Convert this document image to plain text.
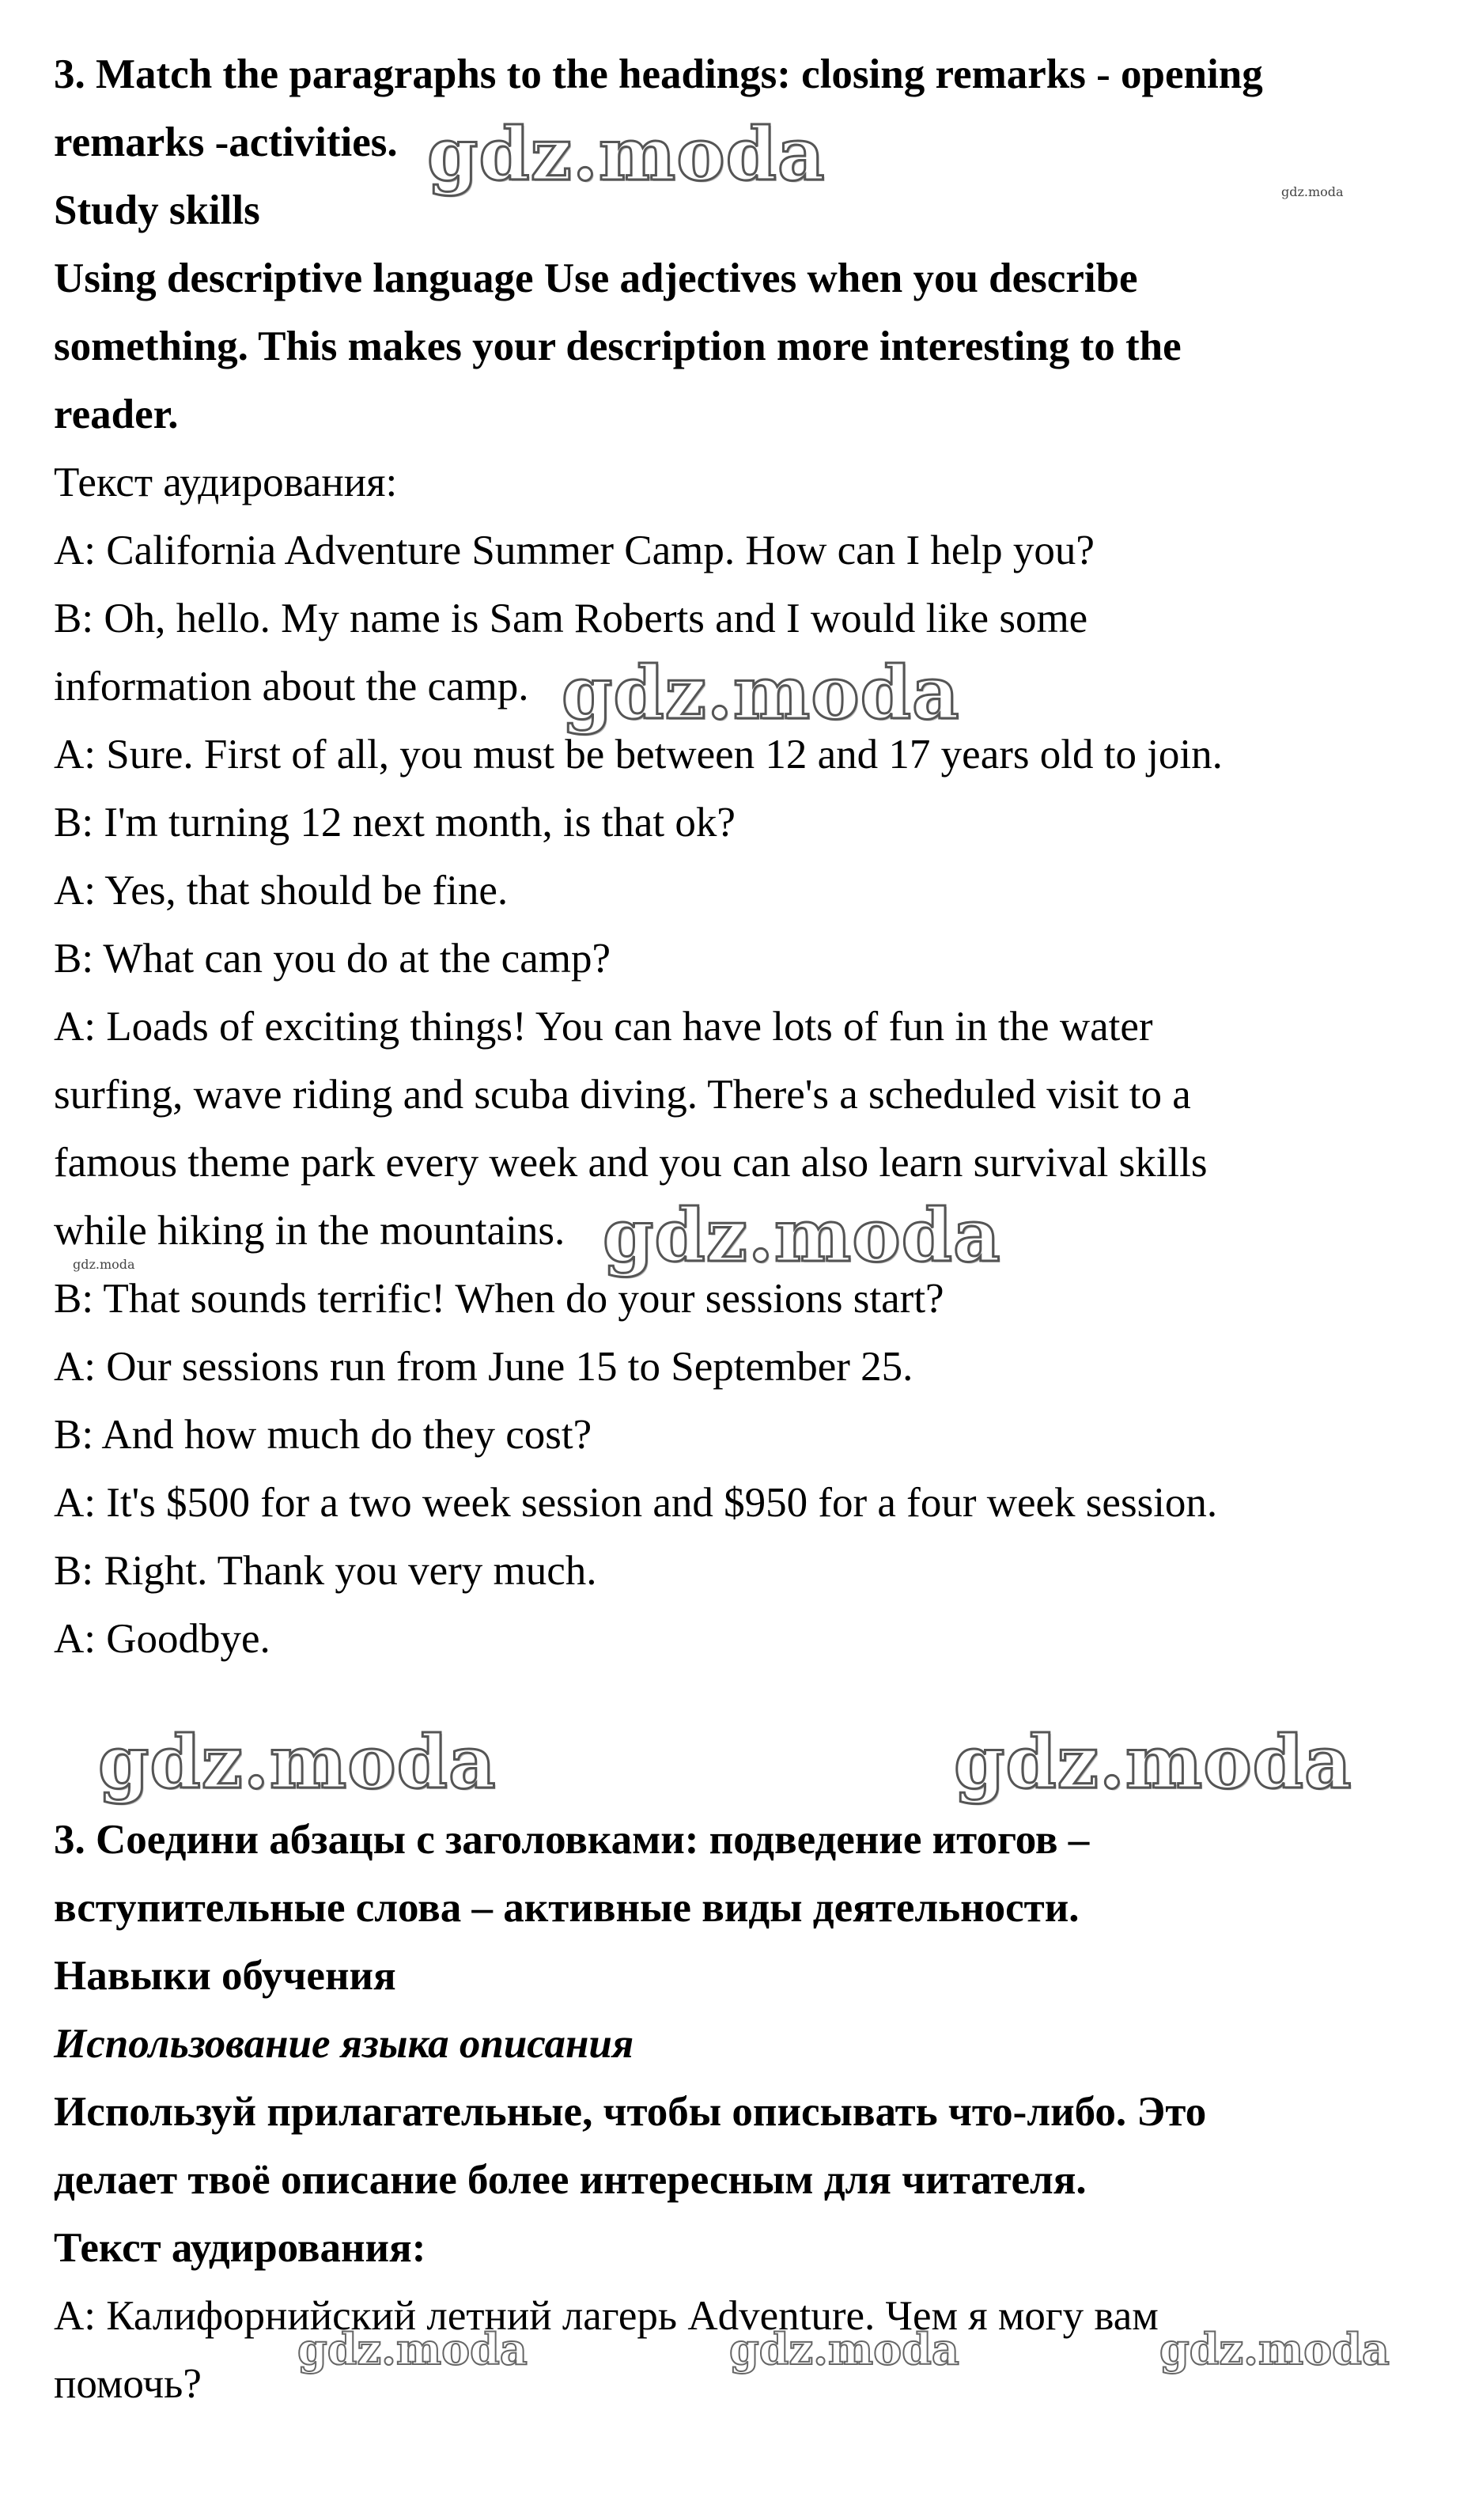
3. Match the paragraphs to the headings: closing remarks - opening
remarks -activities.
Study skills
Using descriptive language Use adjectives when you describe
something. This makes your description more interesting to the
reader.
Текст аудирования:
A: California Adventure Summer Camp. How can I help you?
B: Oh, hello. My name is Sam Roberts and I would like some
information about the camp.
A: Sure. First of all, you must be between 12 and 17 years old to join.
B: I'm turning 12 next month, is that ok?
A: Yes, that should be fine.
B: What can you do at the camp?
A: Loads of exciting things! You can have lots of fun in the water
surfing, wave riding and scuba diving. There's a scheduled visit to a
famous theme park every week and you can also learn survival skills
while hiking in the mountains.
B: That sounds terrific! When do your sessions start?
A: Our sessions run from June 15 to September 25.
B: And how much do they cost?
A: It's $500 for a two week session and $950 for a four week session.
B: Right. Thank you very much.
A: Goodbye.
3. Соедини абзацы с заголовками: подведение итогов –
вступительные слова – активные виды деятельности.
Навыки обучения
Использование языка описания
Используй прилагательные, чтобы описывать что-либо. Это
делает твоё описание более интересным для читателя.
Текст аудирования:
A: Калифорнийский летний лагерь Adventure. Чем я могу вам
помочь?
gdz.moda	gdz.moda
gdz.moda
gdz.moda
gdz.moda
gdz.moda	gdz.moda
gdz.moda	gdz.moda	gdz.moda
